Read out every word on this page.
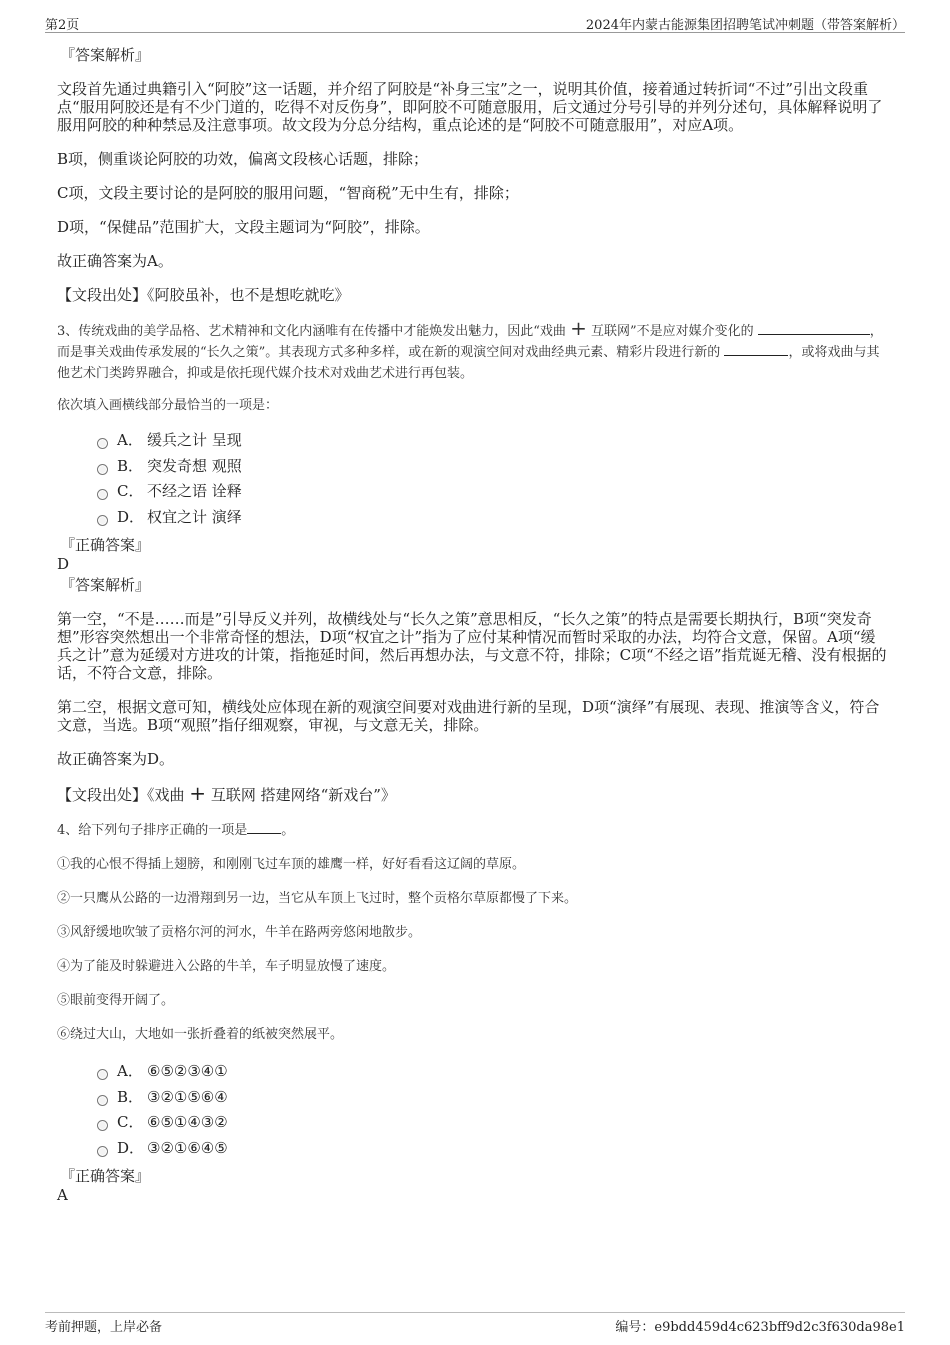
第2页	2024年内蒙古能源集团招聘笔试冲刺题（带答案解析）
『答案解析』

文段首先通过典籍引入“阿胶”这一话题，并介绍了阿胶是“补身三宝”之一，说明其价值，接着通过转折词“不过”引出文段重点“服用阿胶还是有不少门道的，吃得不对反伤身”，即阿胶不可随意服用，后文通过分号引导的并列分述句，具体解释说明了服用阿胶的种种禁忌及注意事项。故文段为分总分结构，重点论述的是“阿胶不可随意服用”，对应A项。

B项，侧重谈论阿胶的功效，偏离文段核心话题，排除；

C项，文段主要讨论的是阿胶的服用问题，“智商税”无中生有，排除；

D项，“保健品”范围扩大，文段主题词为“阿胶”，排除。

故正确答案为A。

【文段出处】《阿胶虽补，也不是想吃就吃》

3、传统戏曲的美学品格、艺术精神和文化内涵唯有在传播中才能焕发出魅力，因此“戏曲 + 互联网”不是应对媒介变化的	，而是事关戏曲传承发展的“长久之策”。其表现方式多种多样，或在新的观演空间对戏曲经典元素、精彩片段进行新的	，或将戏曲与其他艺术门类跨界融合，抑或是依托现代媒介技术对戏曲艺术进行再包装。

依次填入画横线部分最恰当的一项是：

A． 缓兵之计 呈现
B． 突发奇想 观照
C． 不经之语 诠释
D． 权宜之计 演绎
『正确答案』
D
『答案解析』

第一空，“不是……而是”引导反义并列，故横线处与“长久之策”意思相反，“长久之策”的特点是需要长期执行，B项“突发奇想”形容突然想出一个非常奇怪的想法，D项“权宜之计”指为了应付某种情况而暂时采取的办法，均符合文意，保留。A项“缓兵之计”意为延缓对方进攻的计策，指拖延时间，然后再想办法，与文意不符，排除；C项“不经之语”指荒诞无稽、没有根据的话，不符合文意，排除。

第二空，根据文意可知，横线处应体现在新的观演空间要对戏曲进行新的呈现，D项“演绎”有展现、表现、推演等含义，符合文意，当选。B项“观照”指仔细观察，审视，与文意无关，排除。

故正确答案为D。

【文段出处】《戏曲 + 互联网 搭建网络“新戏台”》

4、给下列句子排序正确的一项是	。

①我的心恨不得插上翅膀，和刚刚飞过车顶的雄鹰一样，好好看看这辽阔的草原。

②一只鹰从公路的一边滑翔到另一边，当它从车顶上飞过时，整个贡格尔草原都慢了下来。

③风舒缓地吹皱了贡格尔河的河水，牛羊在路两旁悠闲地散步。

④为了能及时躲避进入公路的牛羊，车子明显放慢了速度。

⑤眼前变得开阔了。

⑥绕过大山，大地如一张折叠着的纸被突然展平。

A． ⑥⑤②③④①
B． ③②①⑤⑥④
C． ⑥⑤①④③②
D． ③②①⑥④⑤
『正确答案』
A
考前押题，上岸必备	编号：e9bdd459d4c623bff9d2c3f630da98e1
